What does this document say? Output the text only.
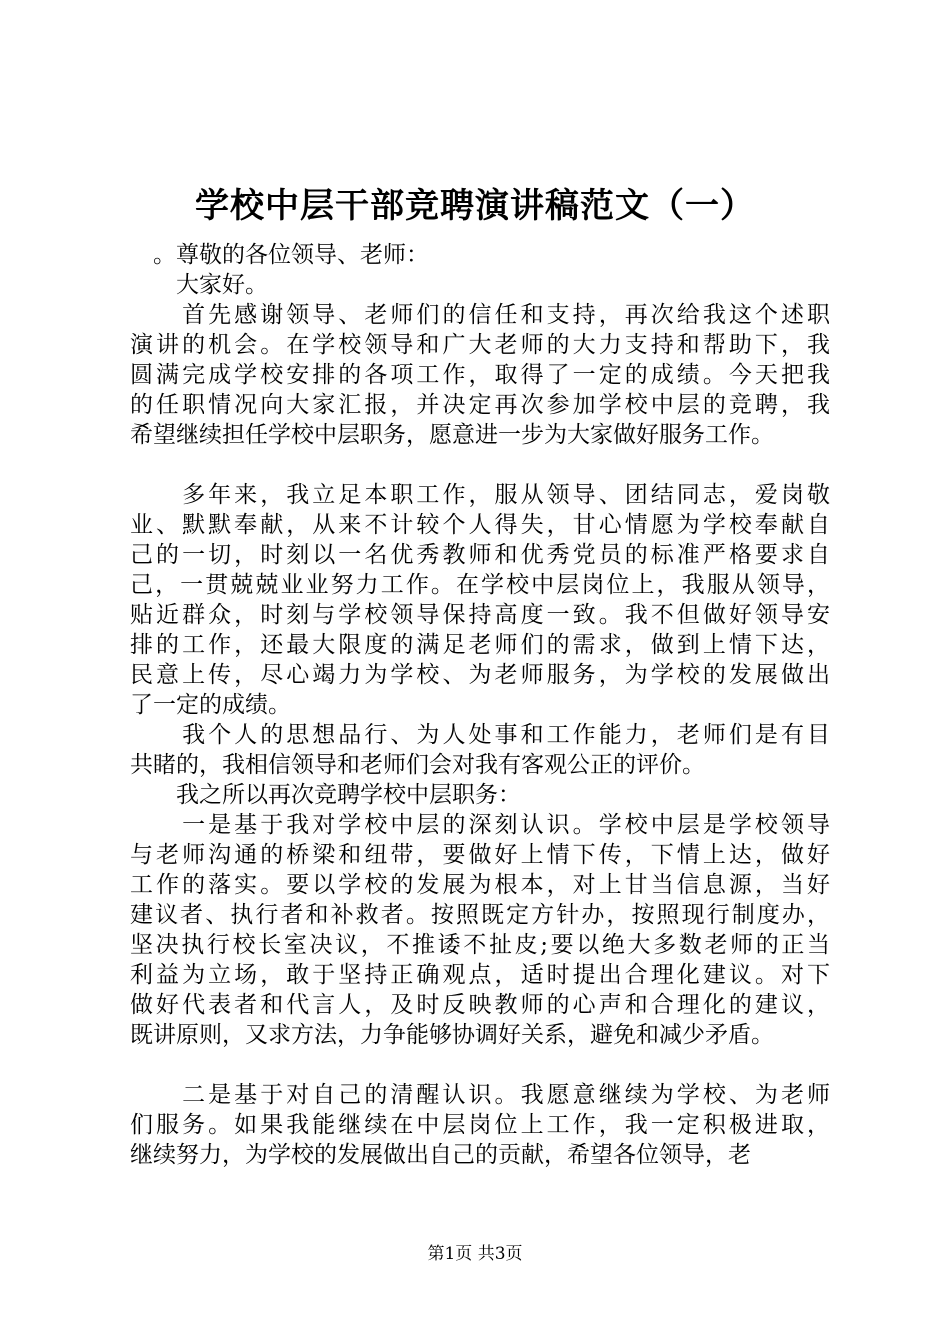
学校中层干部竞聘演讲稿范文（一）
　。尊敬的各位领导、老师：
　　大家好。
　　首先感谢领导、老师们的信任和支持，再次给我这个述职
演讲的机会。在学校领导和广大老师的大力支持和帮助下，我
圆满完成学校安排的各项工作，取得了一定的成绩。今天把我
的任职情况向大家汇报，并决定再次参加学校中层的竞聘，我
希望继续担任学校中层职务，愿意进一步为大家做好服务工作。
　　多年来，我立足本职工作，服从领导、团结同志，爱岗敬
业、默默奉献，从来不计较个人得失，甘心情愿为学校奉献自
己的一切，时刻以一名优秀教师和优秀党员的标准严格要求自
己，一贯兢兢业业努力工作。在学校中层岗位上，我服从领导，
贴近群众，时刻与学校领导保持高度一致。我不但做好领导安
排的工作，还最大限度的满足老师们的需求，做到上情下达，
民意上传，尽心竭力为学校、为老师服务，为学校的发展做出
了一定的成绩。
　　我个人的思想品行、为人处事和工作能力，老师们是有目
共睹的，我相信领导和老师们会对我有客观公正的评价。
　　我之所以再次竞聘学校中层职务：
　　一是基于我对学校中层的深刻认识。学校中层是学校领导
与老师沟通的桥梁和纽带，要做好上情下传，下情上达，做好
工作的落实。要以学校的发展为根本，对上甘当信息源，当好
建议者、执行者和补救者。按照既定方针办，按照现行制度办，
坚决执行校长室决议，不推诿不扯皮;要以绝大多数老师的正当
利益为立场，敢于坚持正确观点，适时提出合理化建议。对下
做好代表者和代言人，及时反映教师的心声和合理化的建议，
既讲原则，又求方法，力争能够协调好关系，避免和减少矛盾。
　　二是基于对自己的清醒认识。我愿意继续为学校、为老师
们服务。如果我能继续在中层岗位上工作，我一定积极进取，
继续努力，为学校的发展做出自己的贡献，希望各位领导，老
第1页 共3页
